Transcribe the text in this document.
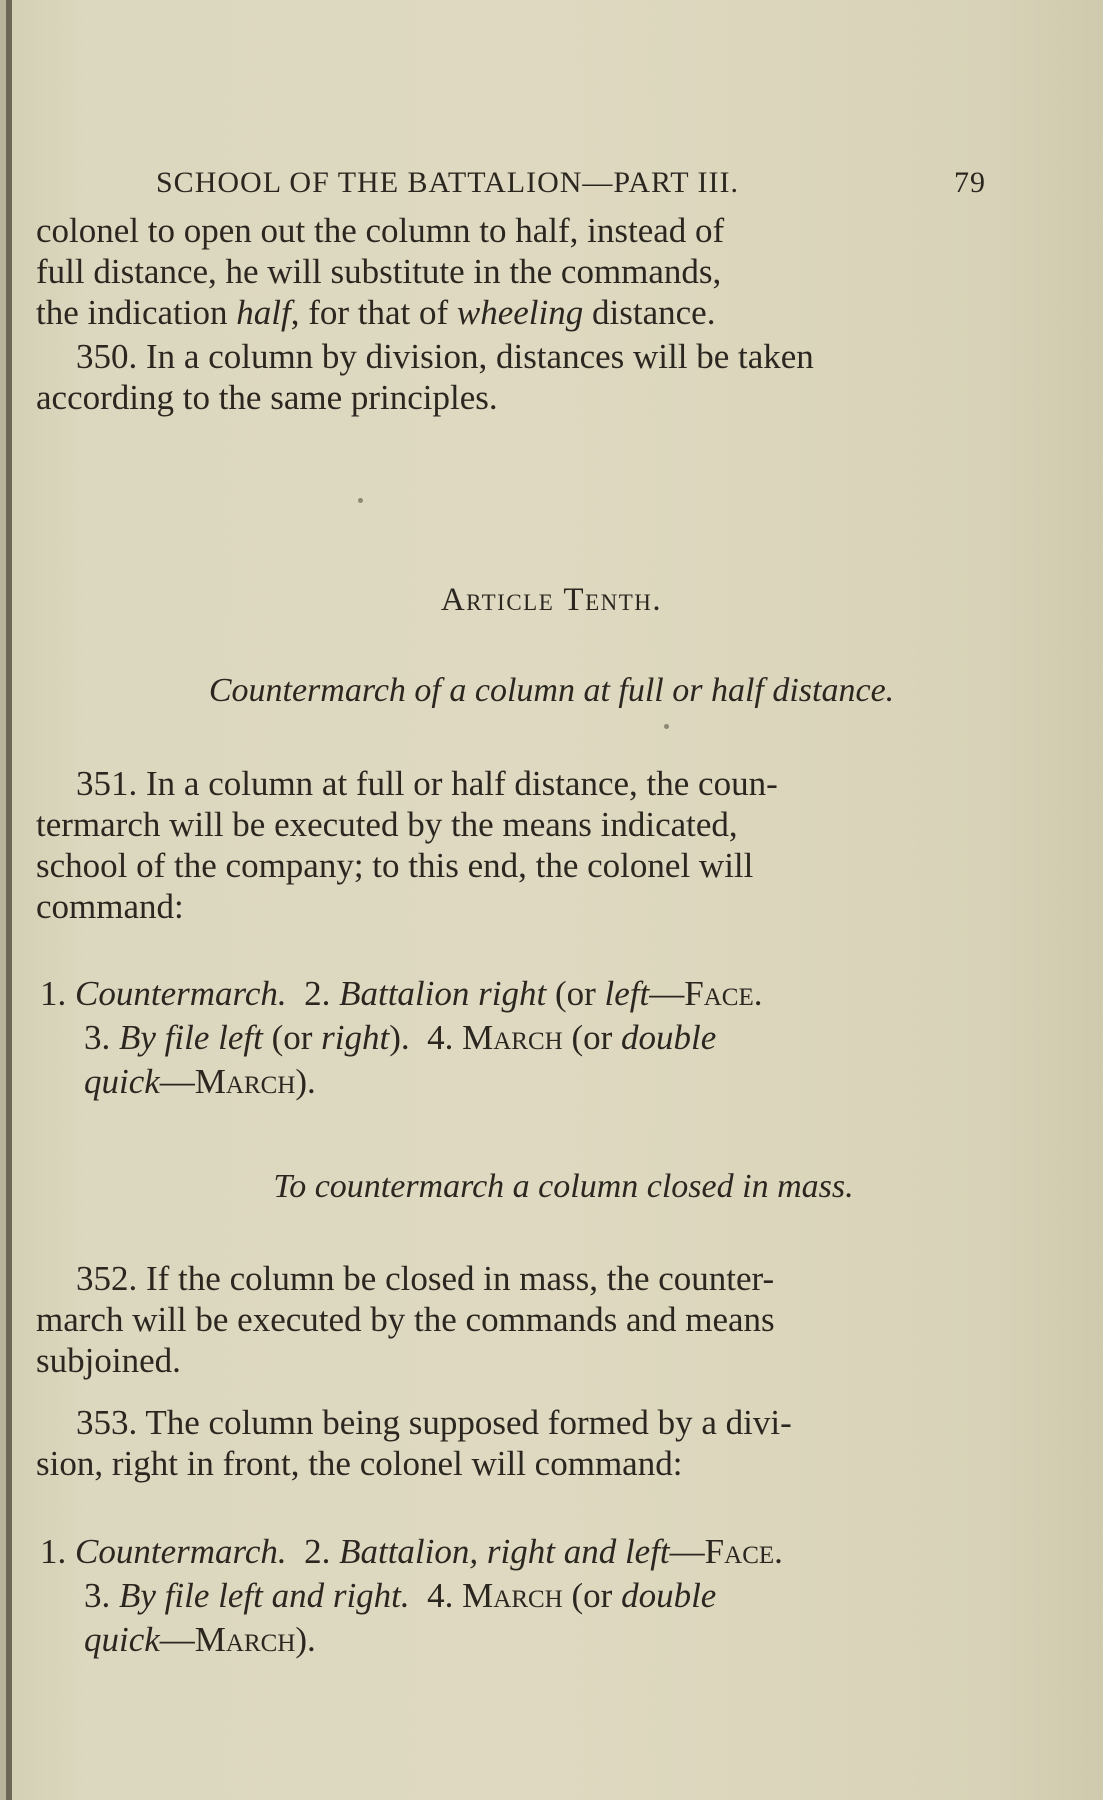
SCHOOL OF THE BATTALION—PART III.	79
colonel to open out the column to half, instead of
full distance, he will substitute in the commands,
the indication half, for that of wheeling distance.
350. In a column by division, distances will be taken
according to the same principles.
Article Tenth.
Countermarch of a column at full or half distance.
351. In a column at full or half distance, the coun-
termarch will be executed by the means indicated,
school of the company; to this end, the colonel will
command:
1. Countermarch.  2. Battalion right (or left—Face.
3. By file left (or right).  4. March (or double
quick—March).
To countermarch a column closed in mass.
352. If the column be closed in mass, the counter-
march will be executed by the commands and means
subjoined.
353. The column being supposed formed by a divi-
sion, right in front, the colonel will command:
1. Countermarch.  2. Battalion, right and left—Face.
3. By file left and right.  4. March (or double
quick—March).
